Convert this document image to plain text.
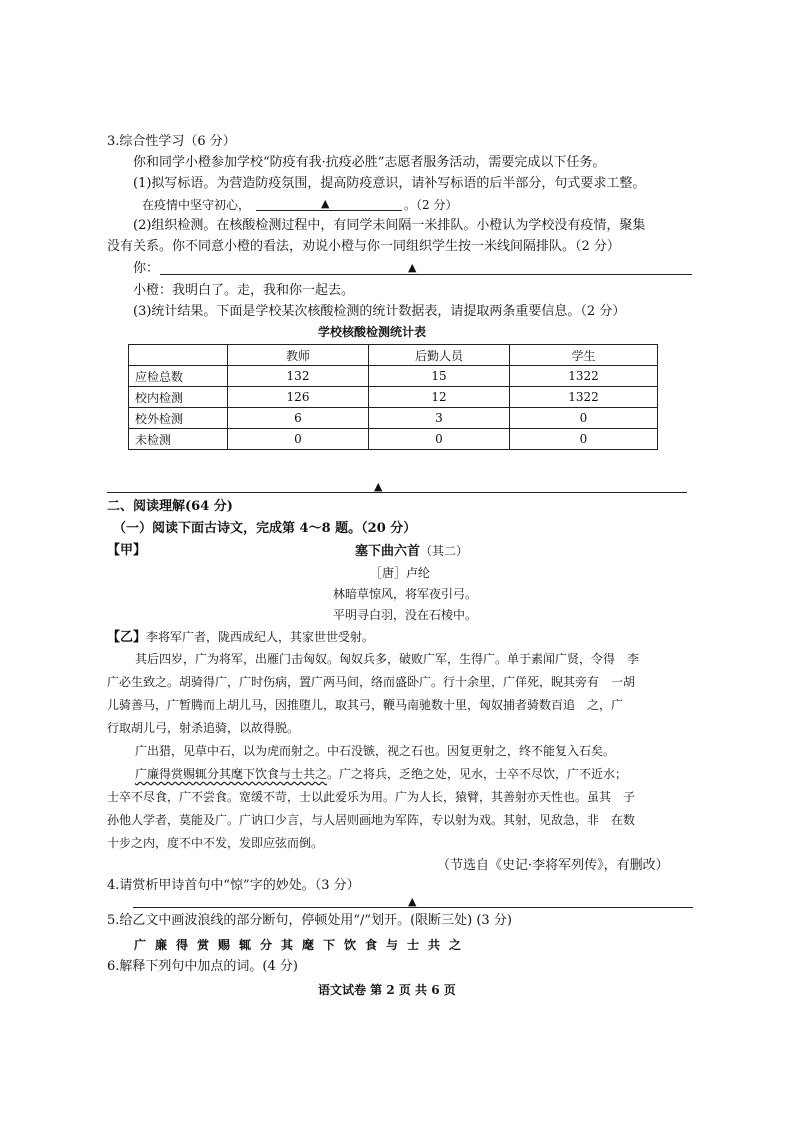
3.综合性学习（6 分）
你和同学小橙参加学校“防疫有我·抗疫必胜”志愿者服务活动，需要完成以下任务。
(1)拟写标语。为营造防疫氛围，提高防疫意识，请补写标语的后半部分，句式要求工整。
在疫情中坚守初心，	▲	。（2 分）
(2)组织检测。在核酸检测过程中，有同学未间隔一米排队。小橙认为学校没有疫情，聚集
没有关系。你不同意小橙的看法，劝说小橙与你一同组织学生按一米线间隔排队。（2 分）
你：	▲
小橙：我明白了。走，我和你一起去。
(3)统计结果。下面是学校某次核酸检测的统计数据表，请提取两条重要信息。（2 分）
学校核酸检测统计表
	教师	后勤人员	学生
应检总数	132	15	1322
校内检测	126	12	1322
校外检测	6	3	0
未检测	0	0	0
▲
二、阅读理解(64 分)
（一）阅读下面古诗文，完成第 4～8 题。（20 分）
【甲】	塞下曲六首（其二）
［唐］卢纶
林暗草惊风，将军夜引弓。
平明寻白羽，没在石棱中。
【乙】李将军广者，陇西成纪人，其家世世受射。
其后四岁，广为将军，出雁门击匈奴。匈奴兵多，破败广军，生得广。单于素闻广贤，令得　李
广必生致之。胡骑得广，广时伤病，置广两马间，络而盛卧广。行十余里，广佯死，睨其旁有　一胡
儿骑善马，广暂腾而上胡儿马，因推堕儿，取其弓，鞭马南驰数十里，匈奴捕者骑数百追　之，广
行取胡儿弓，射杀追骑，以故得脱。
广出猎，见草中石，以为虎而射之。中石没镞，视之石也。因复更射之，终不能复入石矣。
广廉得赏赐辄分其麾下饮食与士共之。广之将兵，乏绝之处，见水，士卒不尽饮，广不近水；
士卒不尽食，广不尝食。宽缓不苛，士以此爱乐为用。广为人长，猿臂，其善射亦天性也。虽其　子
孙他人学者，莫能及广。广讷口少言，与人居则画地为军阵，专以射为戏。其射，见敌急，非　在数
十步之内，度不中不发，发即应弦而倒。
（节选自《史记·李将军列传》，有删改）
4.请赏析甲诗首句中“惊”字的妙处。（3 分）
▲
5.给乙文中画波浪线的部分断句，停顿处用“/”划开。(限断三处) (3 分)
广廉得赏赐辄分其麾下饮食与士共之
6.解释下列句中加点的词。(4 分)
语文试卷 第 2 页 共 6 页
